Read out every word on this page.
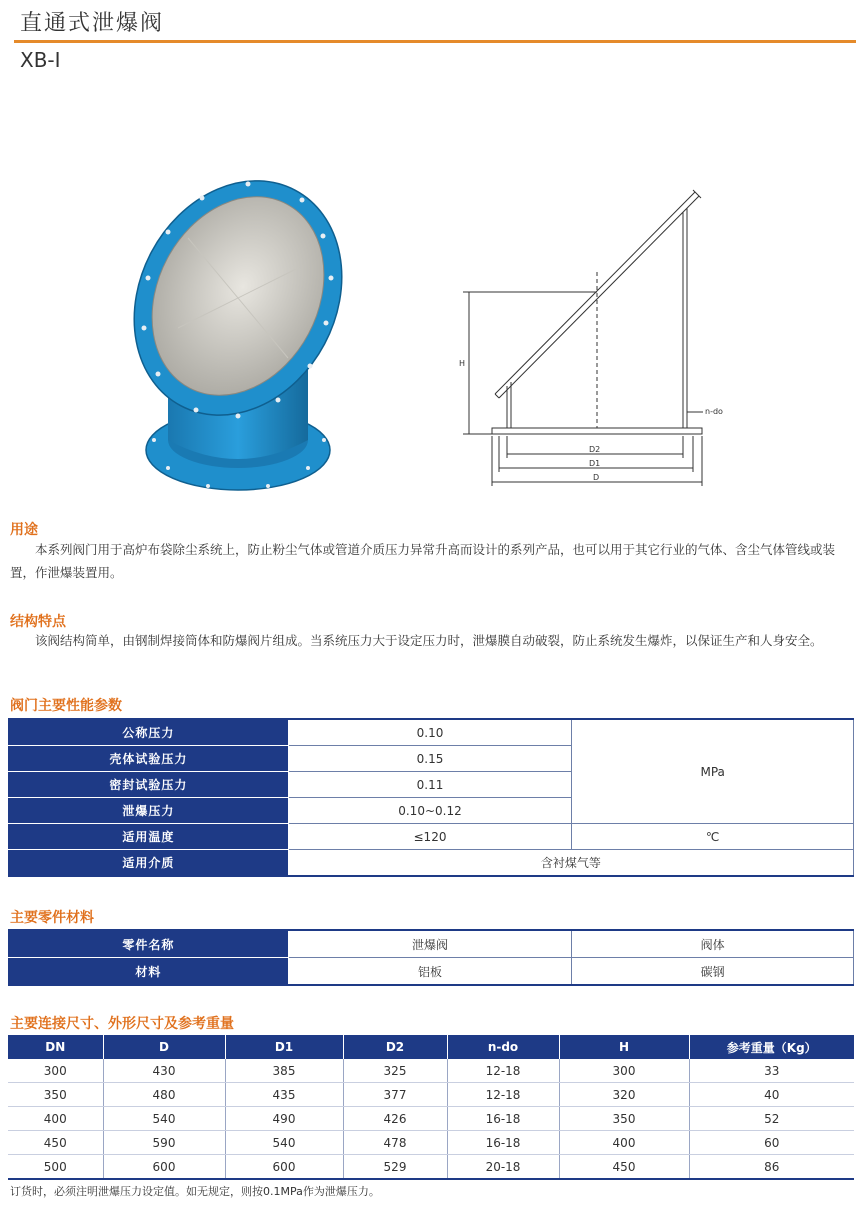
直通式泄爆阀
XB-Ⅰ
H
n-do
D2
D1
D
用途
本系列阀门用于高炉布袋除尘系统上，防止粉尘气体或管道介质压力异常升高而设计的系列产品，也可以用于其它行业的气体、含尘气体管线或装置，作泄爆装置用。
结构特点
该阀结构简单，由钢制焊接筒体和防爆阀片组成。当系统压力大于设定压力时，泄爆膜自动破裂，防止系统发生爆炸，以保证生产和人身安全。
阀门主要性能参数
公称压力	0.10	MPa
壳体试验压力	0.15	
密封试验压力	0.11	
泄爆压力	0.10~0.12	
适用温度	≤120	℃
适用介质	含衬煤气等	
主要零件材料
零件名称	泄爆阀	阀体
材料	铝板	碳钢
主要连接尺寸、外形尺寸及参考重量
DN	D	D1	D2	n-do	H	参考重量（Kg）
300	430	385	325	12-18	300	33
350	480	435	377	12-18	320	40
400	540	490	426	16-18	350	52
450	590	540	478	16-18	400	60
500	600	600	529	20-18	450	86
订货时，必须注明泄爆压力设定值。如无规定，则按0.1MPa作为泄爆压力。
